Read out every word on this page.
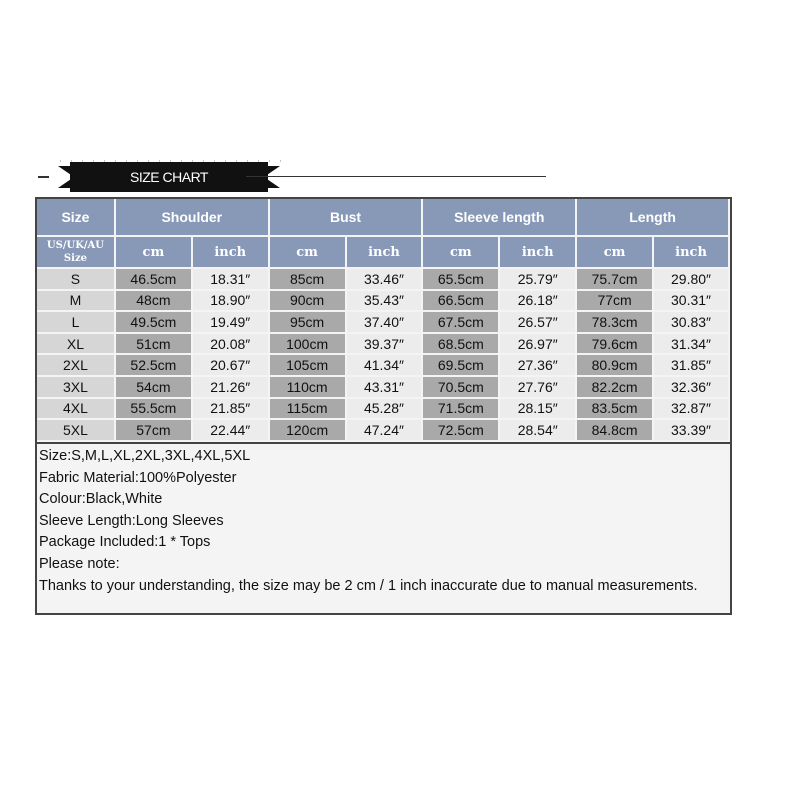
SIZE CHART
Size	Shoulder		Bust		Sleeve length		Length	

US/UK/AU
Size	cm	inch	cm	inch	cm	inch	cm	inch
S	46.5cm	18.31″	85cm	33.46″	65.5cm	25.79″	75.7cm	29.80″
M	48cm	18.90″	90cm	35.43″	66.5cm	26.18″	77cm	30.31″
L	49.5cm	19.49″	95cm	37.40″	67.5cm	26.57″	78.3cm	30.83″
XL	51cm	20.08″	100cm	39.37″	68.5cm	26.97″	79.6cm	31.34″
2XL	52.5cm	20.67″	105cm	41.34″	69.5cm	27.36″	80.9cm	31.85″
3XL	54cm	21.26″	110cm	43.31″	70.5cm	27.76″	82.2cm	32.36″
4XL	55.5cm	21.85″	115cm	45.28″	71.5cm	28.15″	83.5cm	32.87″
5XL	57cm	22.44″	120cm	47.24″	72.5cm	28.54″	84.8cm	33.39″
Size:S,M,L,XL,2XL,3XL,4XL,5XL
Fabric Material:100%Polyester
Colour:Black,White
Sleeve Length:Long Sleeves
Package Included:1 * Tops
Please note:
Thanks to your understanding, the size may be 2 cm / 1 inch inaccurate due to manual measurements.
